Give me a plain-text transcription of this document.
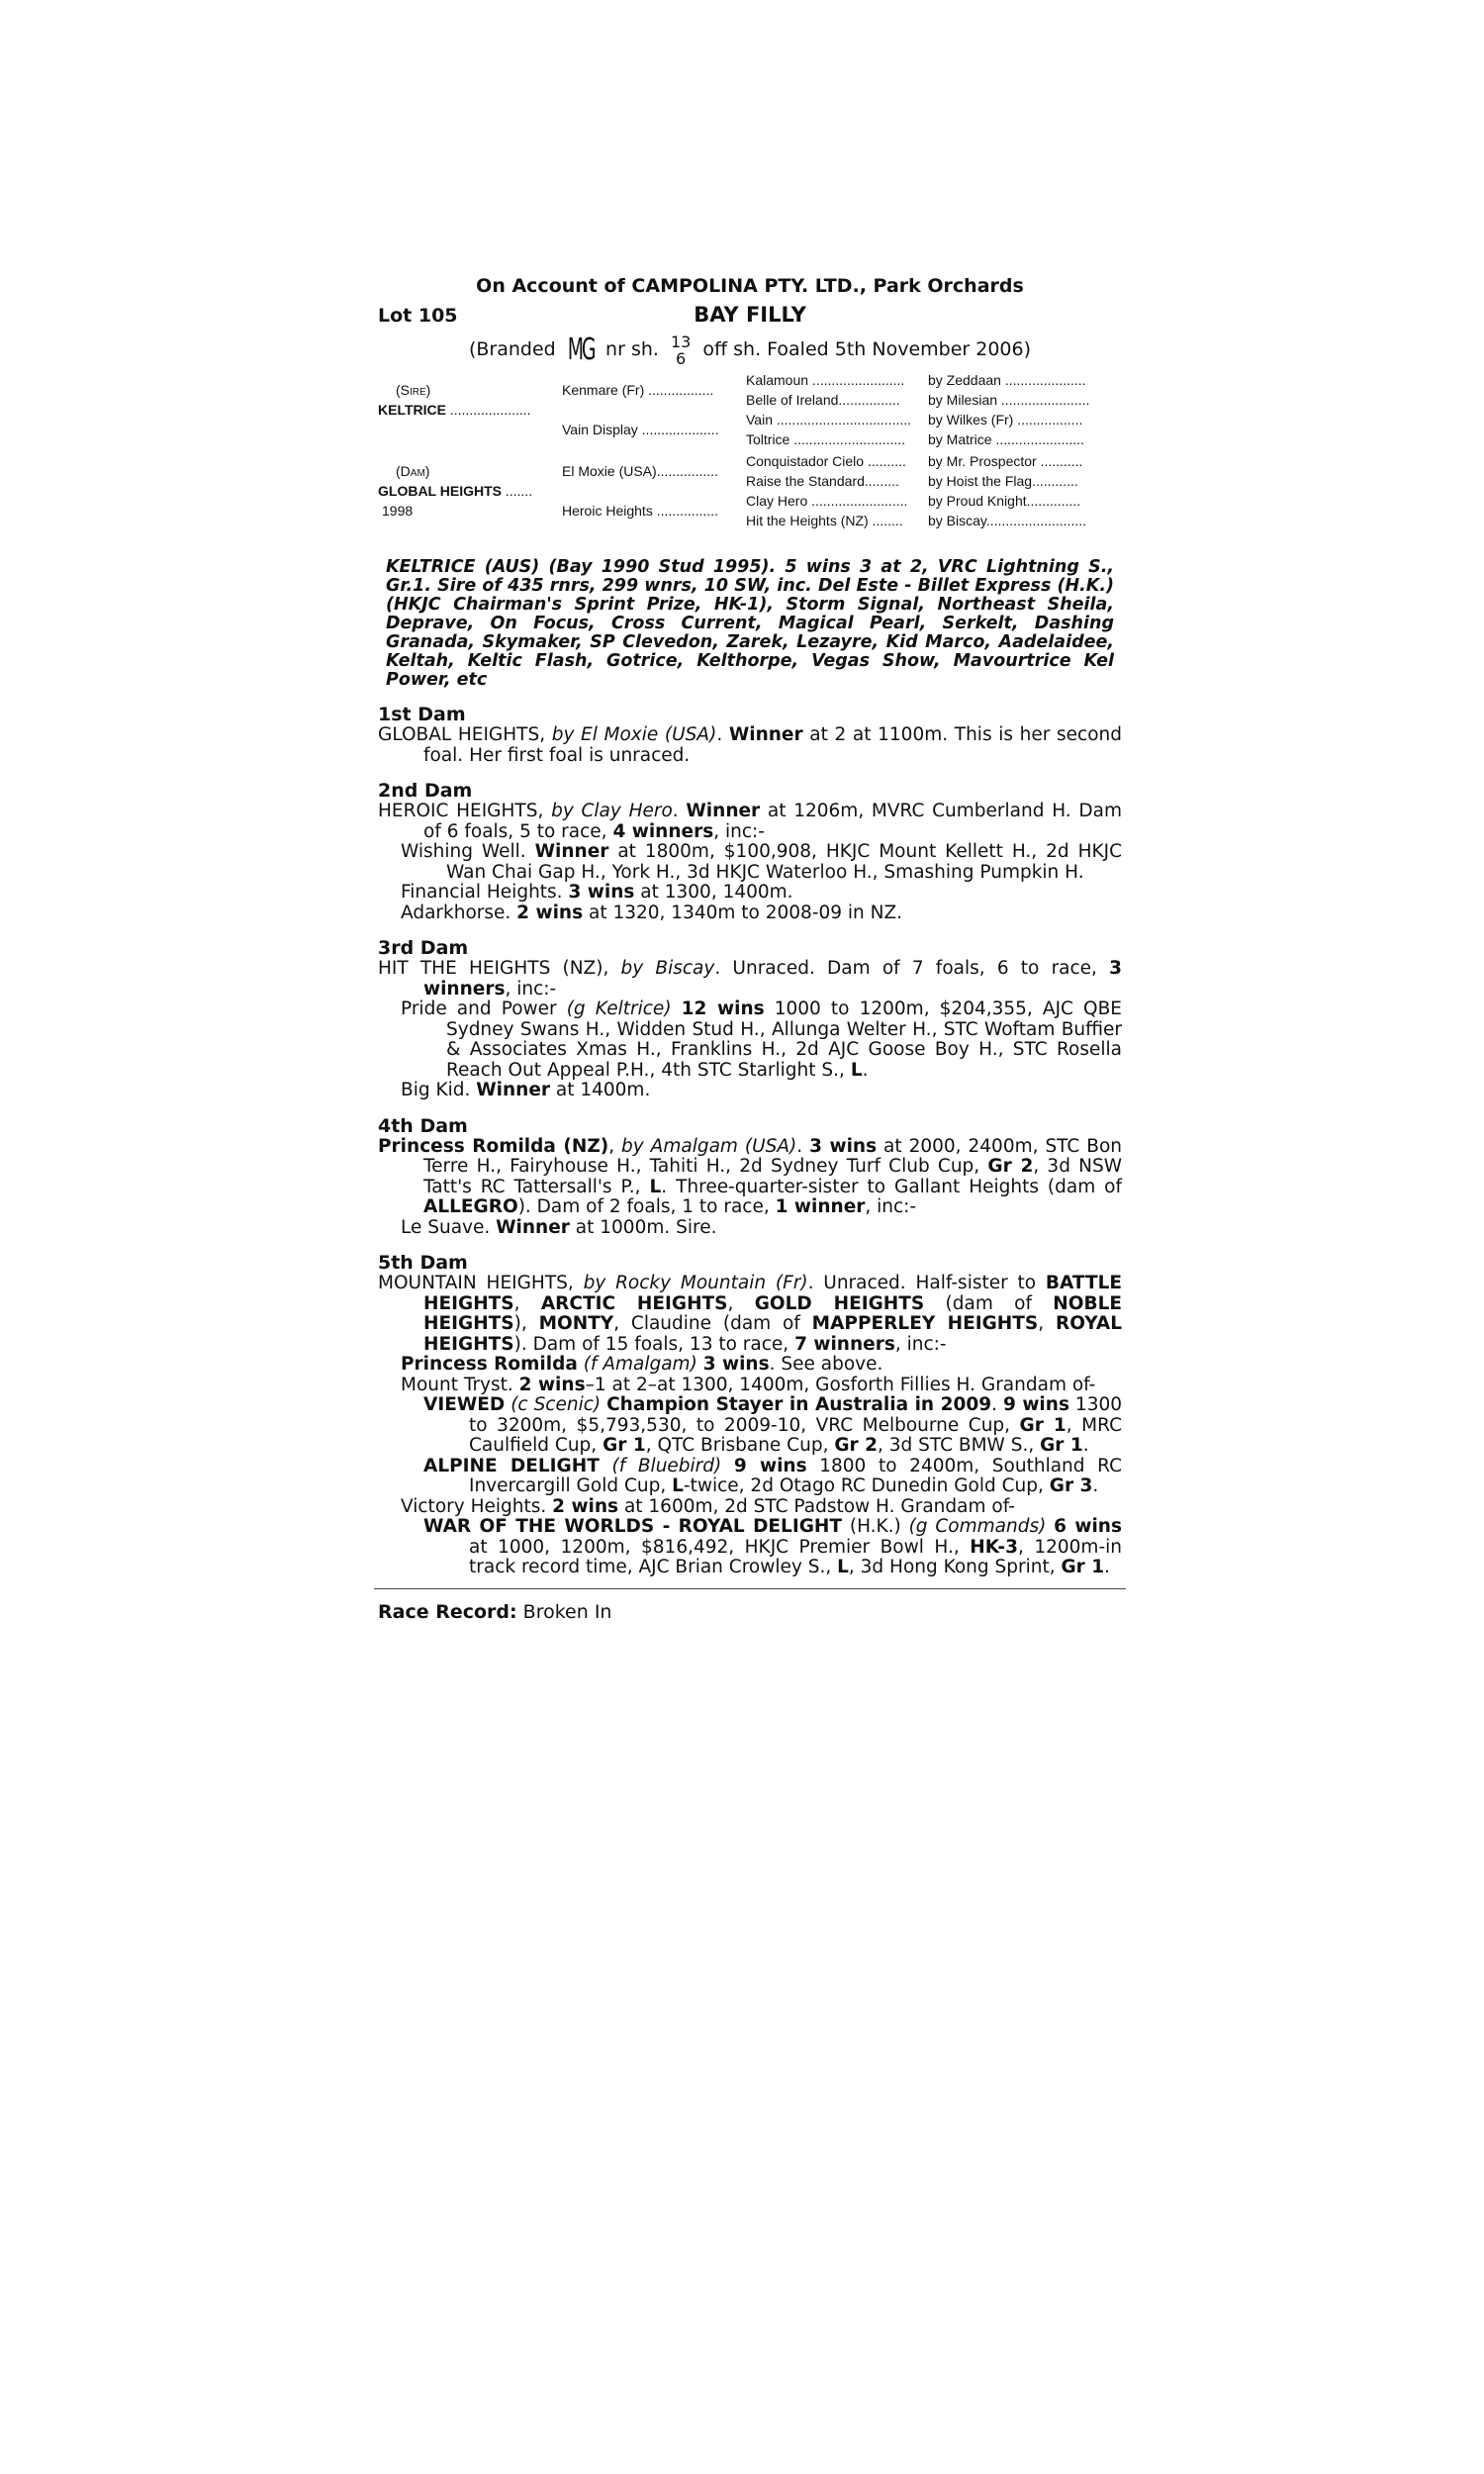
On Account of CAMPOLINA PTY. LTD., Park Orchards
Lot 105	BAY FILLY
(Branded MG nr sh. 13
6 off sh. Foaled 5th November 2006)
(Sire)
KELTRICE .....................
(Dam)
GLOBAL HEIGHTS .......
1998
Kenmare (Fr) .................
Vain Display ....................
El Moxie (USA)................
Heroic Heights ................
Kalamoun ........................
Belle of Ireland................
Vain ...................................
Toltrice .............................
Conquistador Cielo ..........
Raise the Standard.........
Clay Hero .........................
Hit the Heights (NZ) ........
by Zeddaan .....................
by Milesian .......................
by Wilkes (Fr) .................
by Matrice .......................
by Mr. Prospector ...........
by Hoist the Flag............
by Proud Knight..............
by Biscay..........................
KELTRICE (AUS) (Bay 1990 Stud 1995). 5 wins 3 at 2, VRC Lightning S., Gr.1. Sire of 435 rnrs, 299 wnrs, 10 SW, inc. Del Este - Billet Express (H.K.) (HKJC Chairman's Sprint Prize, HK-1), Storm Signal, Northeast Sheila, Deprave, On Focus, Cross Current, Magical Pearl, Serkelt, Dashing Granada, Skymaker, SP Clevedon, Zarek, Lezayre, Kid Marco, Aadelaidee, Keltah, Keltic Flash, Gotrice, Kelthorpe, Vegas Show, Mavourtrice Kel Power, etc
1st Dam

GLOBAL HEIGHTS, by El Moxie (USA). Winner at 2 at 1100m. This is her second foal. Her first foal is unraced.

2nd Dam

HEROIC HEIGHTS, by Clay Hero. Winner at 1206m, MVRC Cumberland H. Dam of 6 foals, 5 to race, 4 winners, inc:-

Wishing Well. Winner at 1800m, $100,908, HKJC Mount Kellett H., 2d HKJC Wan Chai Gap H., York H., 3d HKJC Waterloo H., Smashing Pumpkin H.

Financial Heights. 3 wins at 1300, 1400m.

Adarkhorse. 2 wins at 1320, 1340m to 2008-09 in NZ.

3rd Dam

HIT THE HEIGHTS (NZ), by Biscay. Unraced. Dam of 7 foals, 6 to race, 3 winners, inc:-

Pride and Power (g Keltrice) 12 wins 1000 to 1200m, $204,355, AJC QBE Sydney Swans H., Widden Stud H., Allunga Welter H., STC Woftam Buffier & Associates Xmas H., Franklins H., 2d AJC Goose Boy H., STC Rosella Reach Out Appeal P.H., 4th STC Starlight S., L.

Big Kid. Winner at 1400m.

4th Dam

Princess Romilda (NZ), by Amalgam (USA). 3 wins at 2000, 2400m, STC Bon Terre H., Fairyhouse H., Tahiti H., 2d Sydney Turf Club Cup, Gr 2, 3d NSW Tatt's RC Tattersall's P., L. Three-quarter-sister to Gallant Heights (dam of ALLEGRO). Dam of 2 foals, 1 to race, 1 winner, inc:-

Le Suave. Winner at 1000m. Sire.

5th Dam

MOUNTAIN HEIGHTS, by Rocky Mountain (Fr). Unraced. Half-sister to BATTLE HEIGHTS, ARCTIC HEIGHTS, GOLD HEIGHTS (dam of NOBLE HEIGHTS), MONTY, Claudine (dam of MAPPERLEY HEIGHTS, ROYAL HEIGHTS). Dam of 15 foals, 13 to race, 7 winners, inc:-

Princess Romilda (f Amalgam) 3 wins. See above.

Mount Tryst. 2 wins–1 at 2–at 1300, 1400m, Gosforth Fillies H. Grandam of-

VIEWED (c Scenic) Champion Stayer in Australia in 2009. 9 wins 1300 to 3200m, $5,793,530, to 2009-10, VRC Melbourne Cup, Gr 1, MRC Caulfield Cup, Gr 1, QTC Brisbane Cup, Gr 2, 3d STC BMW S., Gr 1.

ALPINE DELIGHT (f Bluebird) 9 wins 1800 to 2400m, Southland RC Invercargill Gold Cup, L-twice, 2d Otago RC Dunedin Gold Cup, Gr 3.

Victory Heights. 2 wins at 1600m, 2d STC Padstow H. Grandam of-

WAR OF THE WORLDS - ROYAL DELIGHT (H.K.) (g Commands) 6 wins at 1000, 1200m, $816,492, HKJC Premier Bowl H., HK-3, 1200m-in track record time, AJC Brian Crowley S., L, 3d Hong Kong Sprint, Gr 1.

Race Record: Broken In
